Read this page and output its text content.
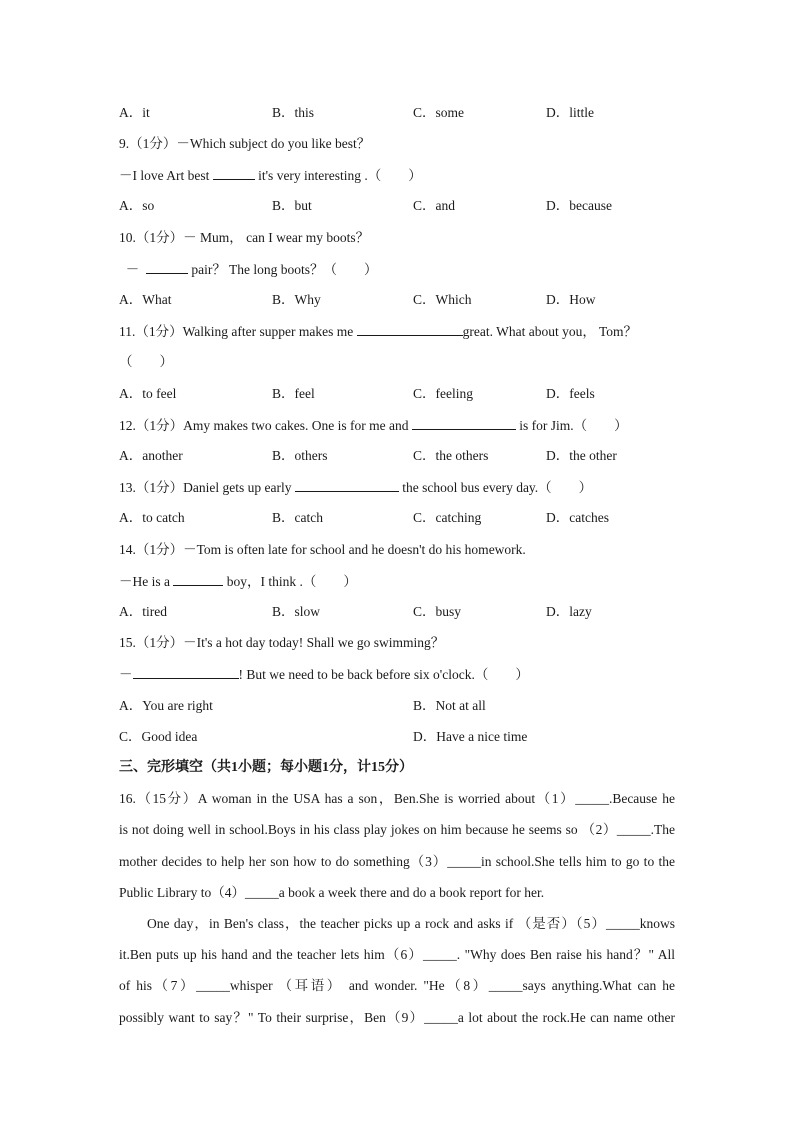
A．it	B．this	C．some	D．little
9.（1分）－Which subject do you like best？
－I love Art best	it's very interesting .（　　）
A．so	B．but	C．and	D．because
10.（1分）－ Mum， can I wear my boots？
－	pair？ The long boots？（　　）
A．What	B．Why	C．Which	D．How
11.（1分）Walking after supper makes me	great. What about you， Tom？
（　　）
A．to feel	B．feel	C．feeling	D．feels
12.（1分）Amy makes two cakes. One is for me and	is for Jim.（　　）
A．another	B．others	C．the others	D．the other
13.（1分）Daniel gets up early	the school bus every day.（　　）
A．to catch	B．catch	C．catching	D．catches
14.（1分）－Tom is often late for school and he doesn't do his homework.
－He is a	boy，I think .（　　）
A．tired	B．slow	C．busy	D．lazy
15.（1分）－It's a hot day today! Shall we go swimming？
－	! But we need to be back before six o'clock.（　　）
A．You are right	B．Not at all
C．Good idea	D．Have a nice time
三、完形填空（共1小题；每小题1分，计15分）
16.（15分）A woman in the USA has a son，Ben.She is worried about（1）_____.Because he
is not doing well in school.Boys in his class play jokes on him because he seems so （2）_____.The
mother decides to help her son how to do something（3）_____in school.She tells him to go to the
Public Library to（4）_____a book a week there and do a book report for her.
One day，in Ben's class，the teacher picks up a rock and asks if （是否）（5）_____knows
it.Ben puts up his hand and the teacher lets him（6）_____. "Why does Ben raise his hand？" All
of his（7）_____whisper （耳语） and wonder. "He（8）_____says anything.What can he
possibly want to say？" To their surprise，Ben（9）_____a lot about the rock.He can name other
